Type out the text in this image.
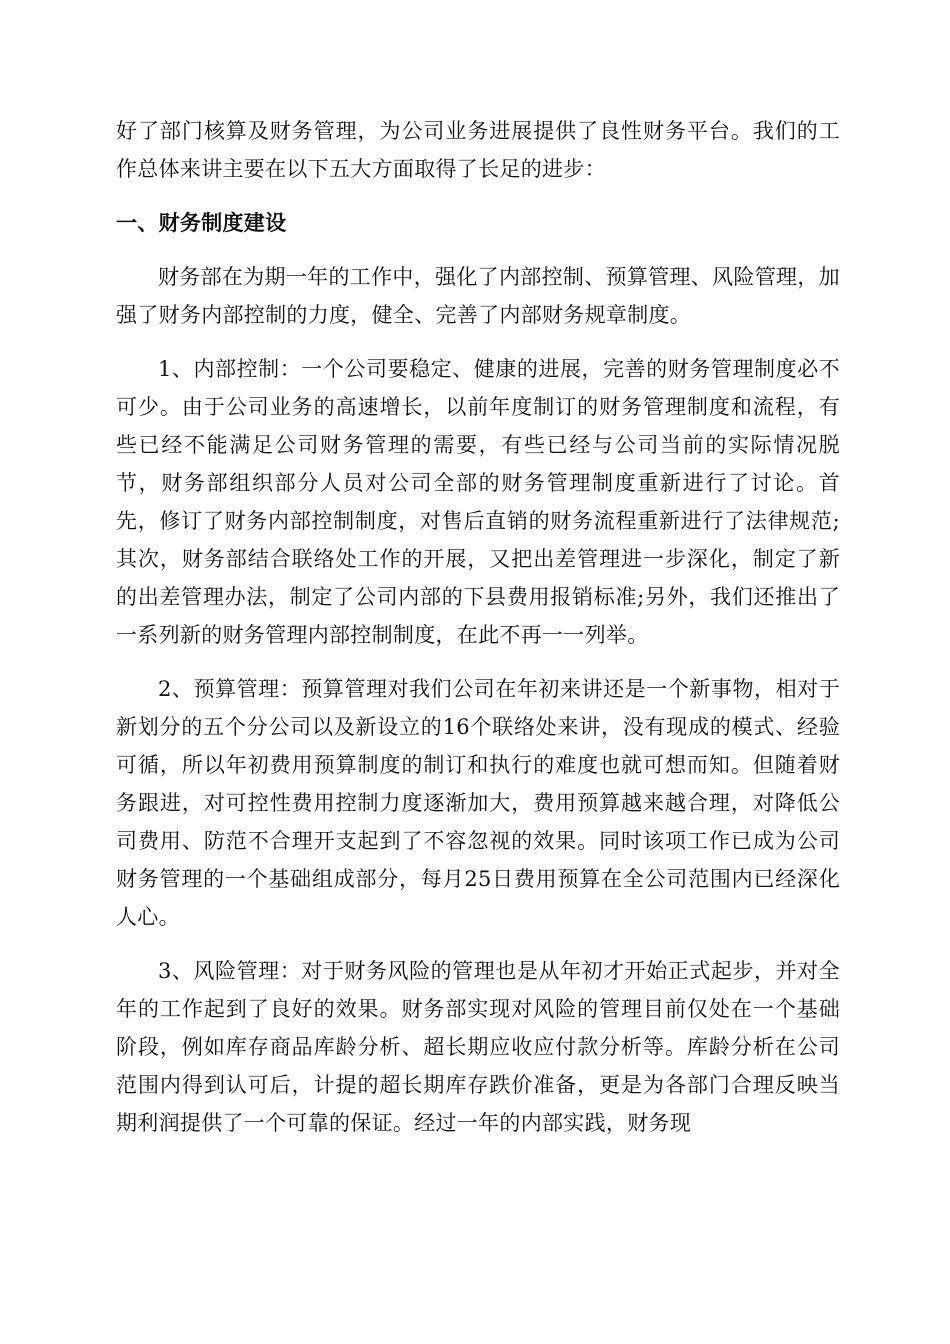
好了部门核算及财务管理，为公司业务进展提供了良性财务平台。我们的工作总体来讲主要在以下五大方面取得了长足的进步：

一、财务制度建设

财务部在为期一年的工作中，强化了内部控制、预算管理、风险管理，加强了财务内部控制的力度，健全、完善了内部财务规章制度。

1、内部控制：一个公司要稳定、健康的进展，完善的财务管理制度必不可少。由于公司业务的高速增长，以前年度制订的财务管理制度和流程，有些已经不能满足公司财务管理的需要，有些已经与公司当前的实际情况脱节，财务部组织部分人员对公司全部的财务管理制度重新进行了讨论。首先，修订了财务内部控制制度，对售后直销的财务流程重新进行了法律规范;其次，财务部结合联络处工作的开展，又把出差管理进一步深化，制定了新的出差管理办法，制定了公司内部的下县费用报销标准;另外，我们还推出了一系列新的财务管理内部控制制度，在此不再一一列举。

2、预算管理：预算管理对我们公司在年初来讲还是一个新事物，相对于新划分的五个分公司以及新设立的16个联络处来讲，没有现成的模式、经验可循，所以年初费用预算制度的制订和执行的难度也就可想而知。但随着财务跟进，对可控性费用控制力度逐渐加大，费用预算越来越合理，对降低公司费用、防范不合理开支起到了不容忽视的效果。同时该项工作已成为公司财务管理的一个基础组成部分，每月25日费用预算在全公司范围内已经深化人心。

3、风险管理：对于财务风险的管理也是从年初才开始正式起步，并对全年的工作起到了良好的效果。财务部实现对风险的管理目前仅处在一个基础阶段，例如库存商品库龄分析、超长期应收应付款分析等。库龄分析在公司范围内得到认可后，计提的超长期库存跌价准备，更是为各部门合理反映当期利润提供了一个可靠的保证。经过一年的内部实践，财务现
